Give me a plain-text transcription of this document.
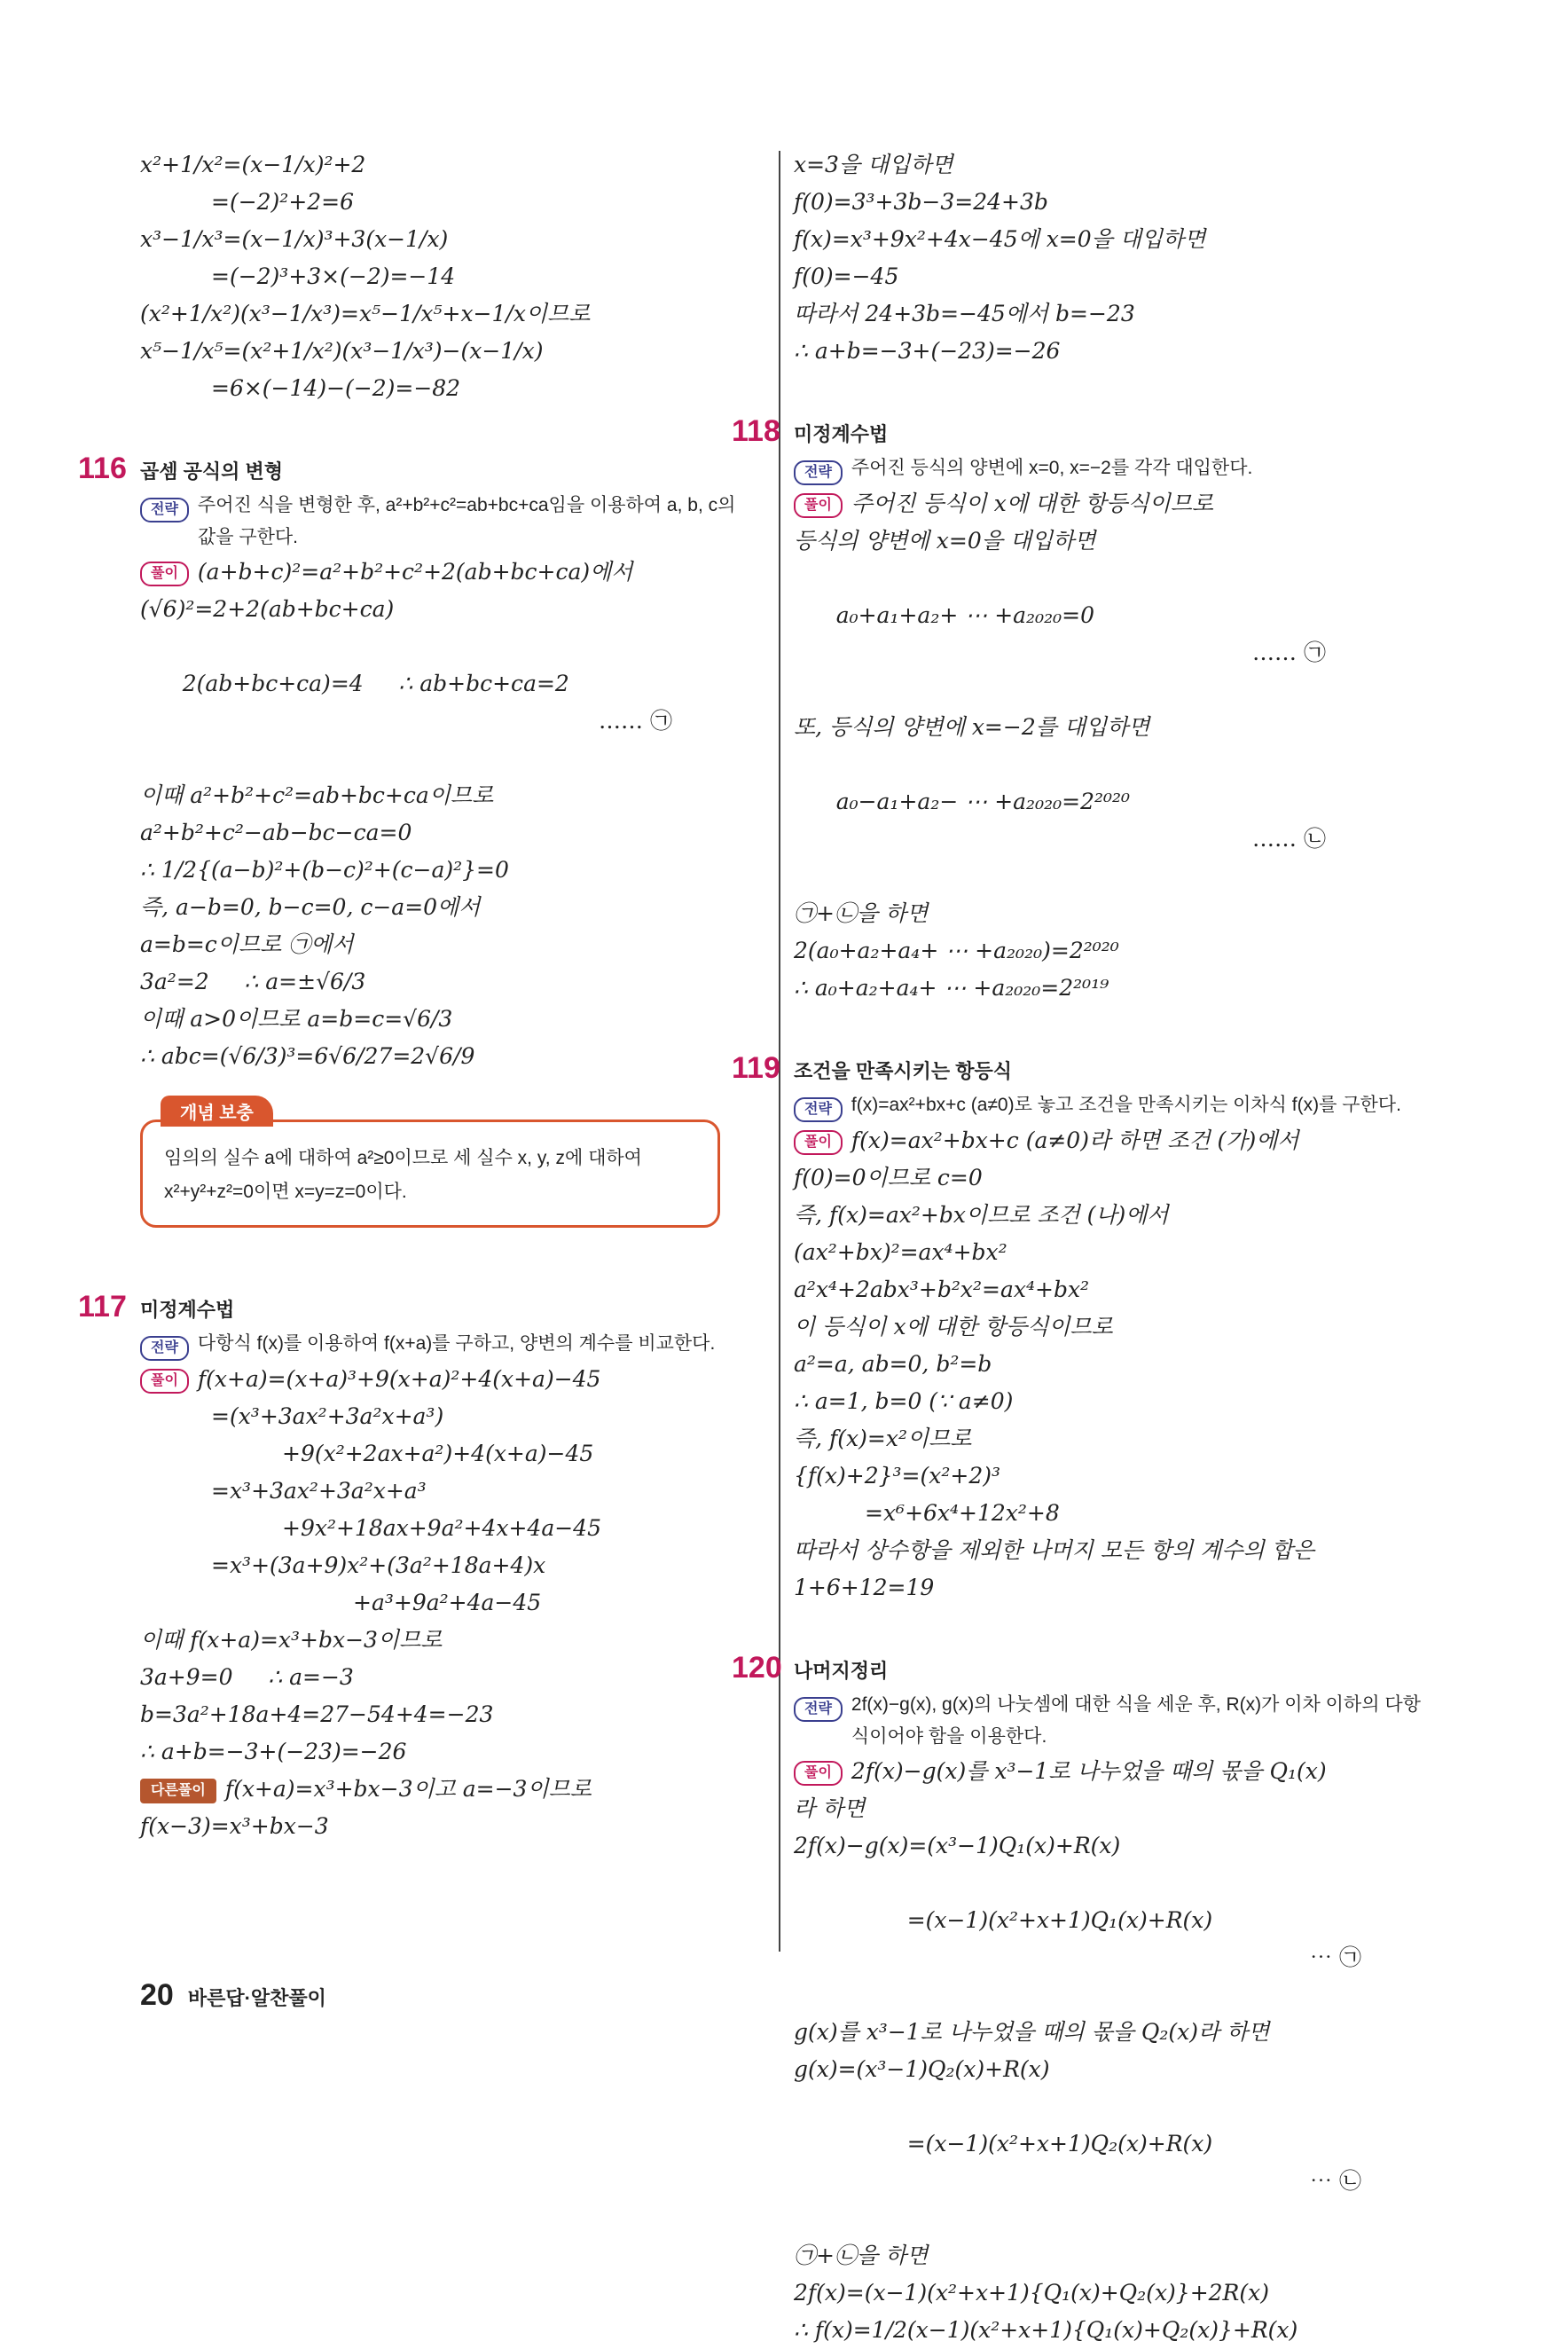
x²+1/x²=(x−1/x)²+2
=(−2)²+2=6
x³−1/x³=(x−1/x)³+3(x−1/x)
=(−2)³+3×(−2)=−14
(x²+1/x²)(x³−1/x³)=x⁵−1/x⁵+x−1/x이므로
x⁵−1/x⁵=(x²+1/x²)(x³−1/x³)−(x−1/x)
=6×(−14)−(−2)=−82
116 곱셈 공식의 변형
전략	주어진 식을 변형한 후, a²+b²+c²=ab+bc+ca임을 이용하여 a, b, c의 값을 구한다.
풀이 (a+b+c)²=a²+b²+c²+2(ab+bc+ca)에서
(√6)²=2+2(ab+bc+ca)

2(ab+bc+ca)=4     ∴ ab+bc+ca=2

…… ㉠

이때 a²+b²+c²=ab+bc+ca이므로
a²+b²+c²−ab−bc−ca=0
∴ 1/2{(a−b)²+(b−c)²+(c−a)²}=0
즉, a−b=0, b−c=0, c−a=0에서
a=b=c이므로 ㉠에서
3a²=2     ∴ a=±√6/3
이때 a>0이므로 a=b=c=√6/3
∴ abc=(√6/3)³=6√6/27=2√6/9
개념 보충
임의의 실수 a에 대하여 a²≥0이므로 세 실수 x, y, z에 대하여 x²+y²+z²=0이면 x=y=z=0이다.
117 미정계수법
전략	다항식 f(x)를 이용하여 f(x+a)를 구하고, 양변의 계수를 비교한다.
풀이 f(x+a)=(x+a)³+9(x+a)²+4(x+a)−45
=(x³+3ax²+3a²x+a³)
+9(x²+2ax+a²)+4(x+a)−45
=x³+3ax²+3a²x+a³
+9x²+18ax+9a²+4x+4a−45
=x³+(3a+9)x²+(3a²+18a+4)x
+a³+9a²+4a−45
이때 f(x+a)=x³+bx−3이므로
3a+9=0     ∴ a=−3
b=3a²+18a+4=27−54+4=−23
∴ a+b=−3+(−23)=−26
다른풀이 f(x+a)=x³+bx−3이고 a=−3이므로
f(x−3)=x³+bx−3
x=3을 대입하면
f(0)=3³+3b−3=24+3b
f(x)=x³+9x²+4x−45에 x=0을 대입하면
f(0)=−45
따라서 24+3b=−45에서 b=−23
∴ a+b=−3+(−23)=−26
118 미정계수법
전략	주어진 등식의 양변에 x=0, x=−2를 각각 대입한다.
풀이 주어진 등식이 x에 대한 항등식이므로
등식의 양변에 x=0을 대입하면

a₀+a₁+a₂+ ⋯ +a₂₀₂₀=0

…… ㉠

또, 등식의 양변에 x=−2를 대입하면

a₀−a₁+a₂− ⋯ +a₂₀₂₀=2²⁰²⁰

…… ㉡

㉠+㉡을 하면
2(a₀+a₂+a₄+ ⋯ +a₂₀₂₀)=2²⁰²⁰
∴ a₀+a₂+a₄+ ⋯ +a₂₀₂₀=2²⁰¹⁹
119 조건을 만족시키는 항등식
전략	f(x)=ax²+bx+c (a≠0)로 놓고 조건을 만족시키는 이차식 f(x)를 구한다.
풀이 f(x)=ax²+bx+c (a≠0)라 하면 조건 (가)에서
f(0)=0이므로 c=0
즉, f(x)=ax²+bx이므로 조건 (나)에서
(ax²+bx)²=ax⁴+bx²
a²x⁴+2abx³+b²x²=ax⁴+bx²
이 등식이 x에 대한 항등식이므로
a²=a, ab=0, b²=b
∴ a=1, b=0 (∵ a≠0)
즉, f(x)=x²이므로
{f(x)+2}³=(x²+2)³
=x⁶+6x⁴+12x²+8
따라서 상수항을 제외한 나머지 모든 항의 계수의 합은
1+6+12=19
120 나머지정리
전략	2f(x)−g(x), g(x)의 나눗셈에 대한 식을 세운 후, R(x)가 이차 이하의 다항식이어야 함을 이용한다.
풀이 2f(x)−g(x)를 x³−1로 나누었을 때의 몫을 Q₁(x)
라 하면
2f(x)−g(x)=(x³−1)Q₁(x)+R(x)

=(x−1)(x²+x+1)Q₁(x)+R(x)

⋯ ㉠

g(x)를 x³−1로 나누었을 때의 몫을 Q₂(x)라 하면
g(x)=(x³−1)Q₂(x)+R(x)

=(x−1)(x²+x+1)Q₂(x)+R(x)

⋯ ㉡

㉠+㉡을 하면
2f(x)=(x−1)(x²+x+1){Q₁(x)+Q₂(x)}+2R(x)
∴ f(x)=1/2(x−1)(x²+x+1){Q₁(x)+Q₂(x)}+R(x)
20 바른답·알찬풀이
